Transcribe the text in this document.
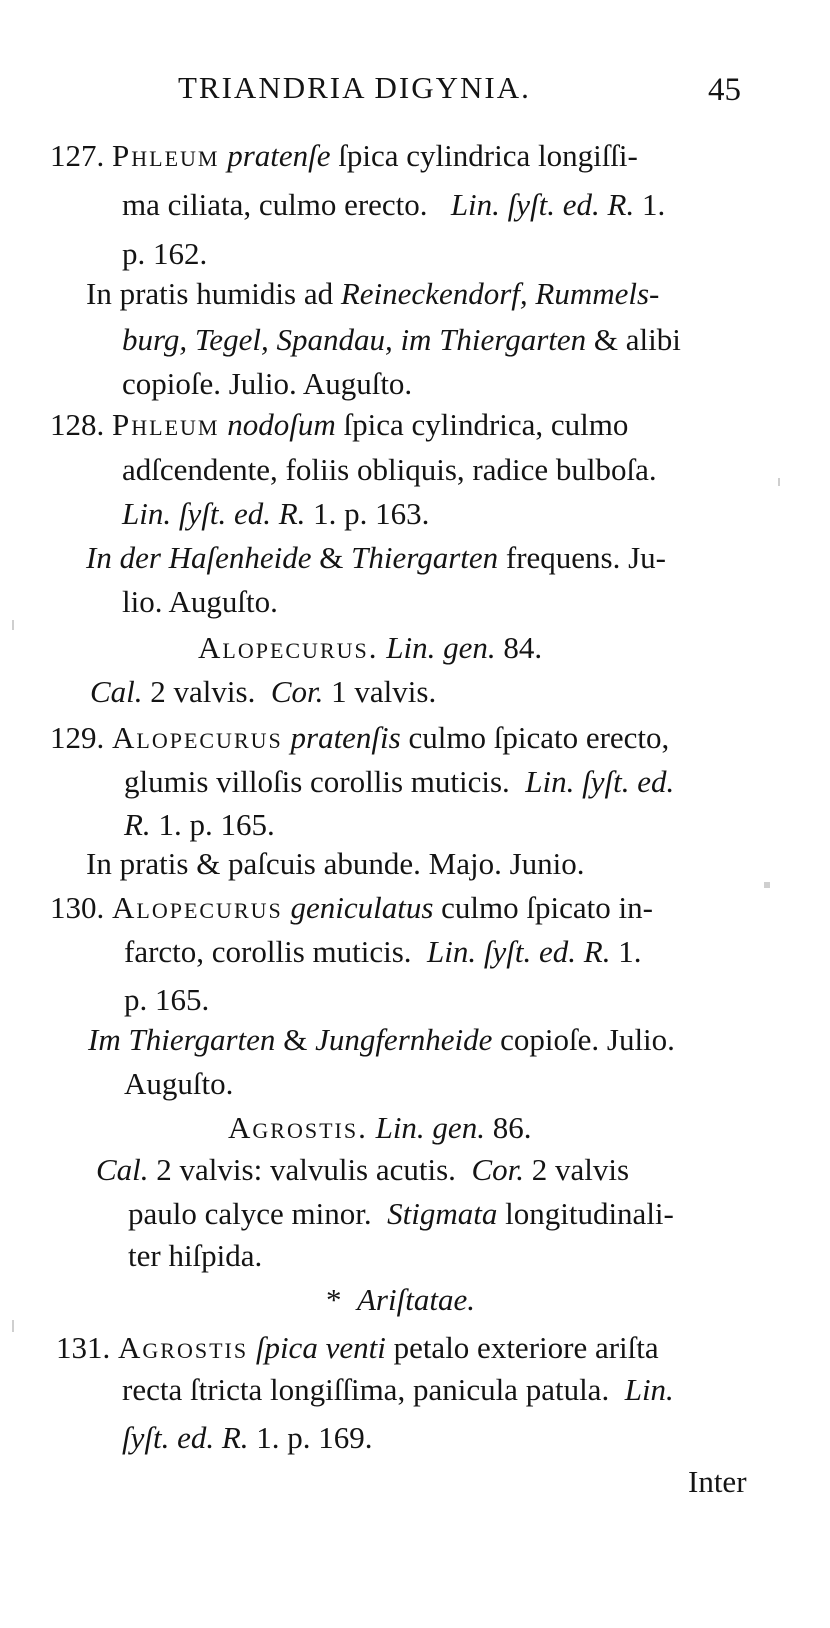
TRIANDRIA DIGYNIA.	45
127. Phleum pratenſe ſpica cylindrica longiſſi-
ma ciliata, culmo erecto. Lin. ſyſt. ed. R. 1.
p. 162.
In pratis humidis ad Reineckendorf, Rummels-
burg, Tegel, Spandau, im Thiergarten & alibi
copioſe. Julio. Auguſto.
128. Phleum nodoſum ſpica cylindrica, culmo
adſcendente, foliis obliquis, radice bulboſa.
Lin. ſyſt. ed. R. 1. p. 163.
In der Haſenheide & Thiergarten frequens. Ju-
lio. Auguſto.
Alopecurus. Lin. gen. 84.
Cal. 2 valvis. Cor. 1 valvis.
129. Alopecurus pratenſis culmo ſpicato erecto,
glumis villoſis corollis muticis. Lin. ſyſt. ed.
R. 1. p. 165.
In pratis & paſcuis abunde. Majo. Junio.
130. Alopecurus geniculatus culmo ſpicato in-
farcto, corollis muticis. Lin. ſyſt. ed. R. 1.
p. 165.
Im Thiergarten & Jungfernheide copioſe. Julio.
Auguſto.
Agrostis. Lin. gen. 86.
Cal. 2 valvis: valvulis acutis. Cor. 2 valvis
paulo calyce minor. Stigmata longitudinali-
ter hiſpida.
* Ariſtatae.
131. Agrostis ſpica venti petalo exteriore ariſta
recta ſtricta longiſſima, panicula patula. Lin.
ſyſt. ed. R. 1. p. 169.
Inter
